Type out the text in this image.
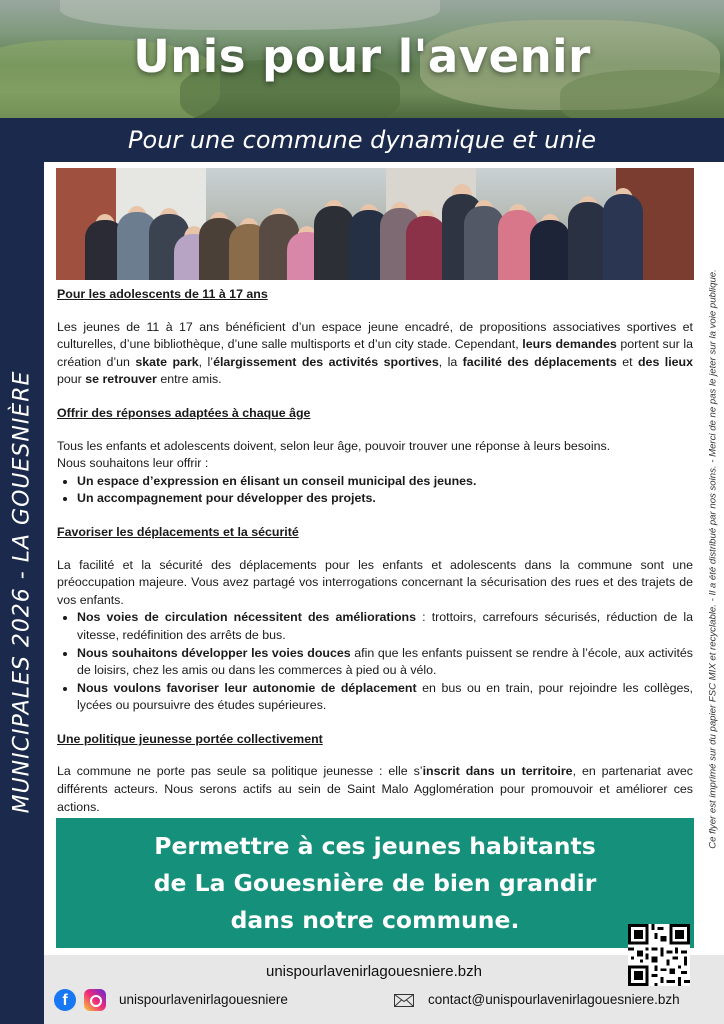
Unis pour l'avenir

Pour une commune dynamique et unie

MUNICIPALES 2026 - LA GOUESNIÈRE	Ce flyer est imprimé sur du papier FSC MIX et recyclable. - Il a été distribué par nos soins. - Merci de ne pas le jeter sur la voie publique.
Pour les adolescents de 11 à 17 ans

Les jeunes de 11 à 17 ans bénéficient d’un espace jeune encadré, de propositions associatives sportives et culturelles, d’une bibliothèque, d’une salle multisports et d’un city stade. Cependant, leurs demandes portent sur la création d’un skate park, l’élargissement des activités sportives, la facilité des déplacements et des lieux pour se retrouver entre amis.

Offrir des réponses adaptées à chaque âge

Tous les enfants et adolescents doivent, selon leur âge, pouvoir trouver une réponse à leurs besoins.

Nous souhaitons leur offrir :

• Un espace d’expression en élisant un conseil municipal des jeunes.
• Un accompagnement pour développer des projets.
Favoriser les déplacements et la sécurité

La facilité et la sécurité des déplacements pour les enfants et adolescents dans la commune sont une préoccupation majeure. Vous avez partagé vos interrogations concernant la sécurisation des rues et des trajets de vos enfants.

• Nos voies de circulation nécessitent des améliorations : trottoirs, carrefours sécurisés, réduction de la vitesse, redéfinition des arrêts de bus.
• Nous souhaitons développer les voies douces afin que les enfants puissent se rendre à l’école, aux activités de loisirs, chez les amis ou dans les commerces à pied ou à vélo.
• Nous voulons favoriser leur autonomie de déplacement en bus ou en train, pour rejoindre les collèges, lycées ou poursuivre des études supérieures.
Une politique jeunesse portée collectivement

La commune ne porte pas seule sa politique jeunesse : elle s’inscrit dans un territoire, en partenariat avec différents acteurs. Nous serons actifs au sein de Saint Malo Agglomération pour promouvoir et améliorer ces actions.

Permettre à ces jeunes habitants
de La Gouesnière de bien grandir
dans notre commune.
unispourlavenirlagouesniere.bzh
f	unispourlavenirlagouesniere	contact@unispourlavenirlagouesniere.bzh
